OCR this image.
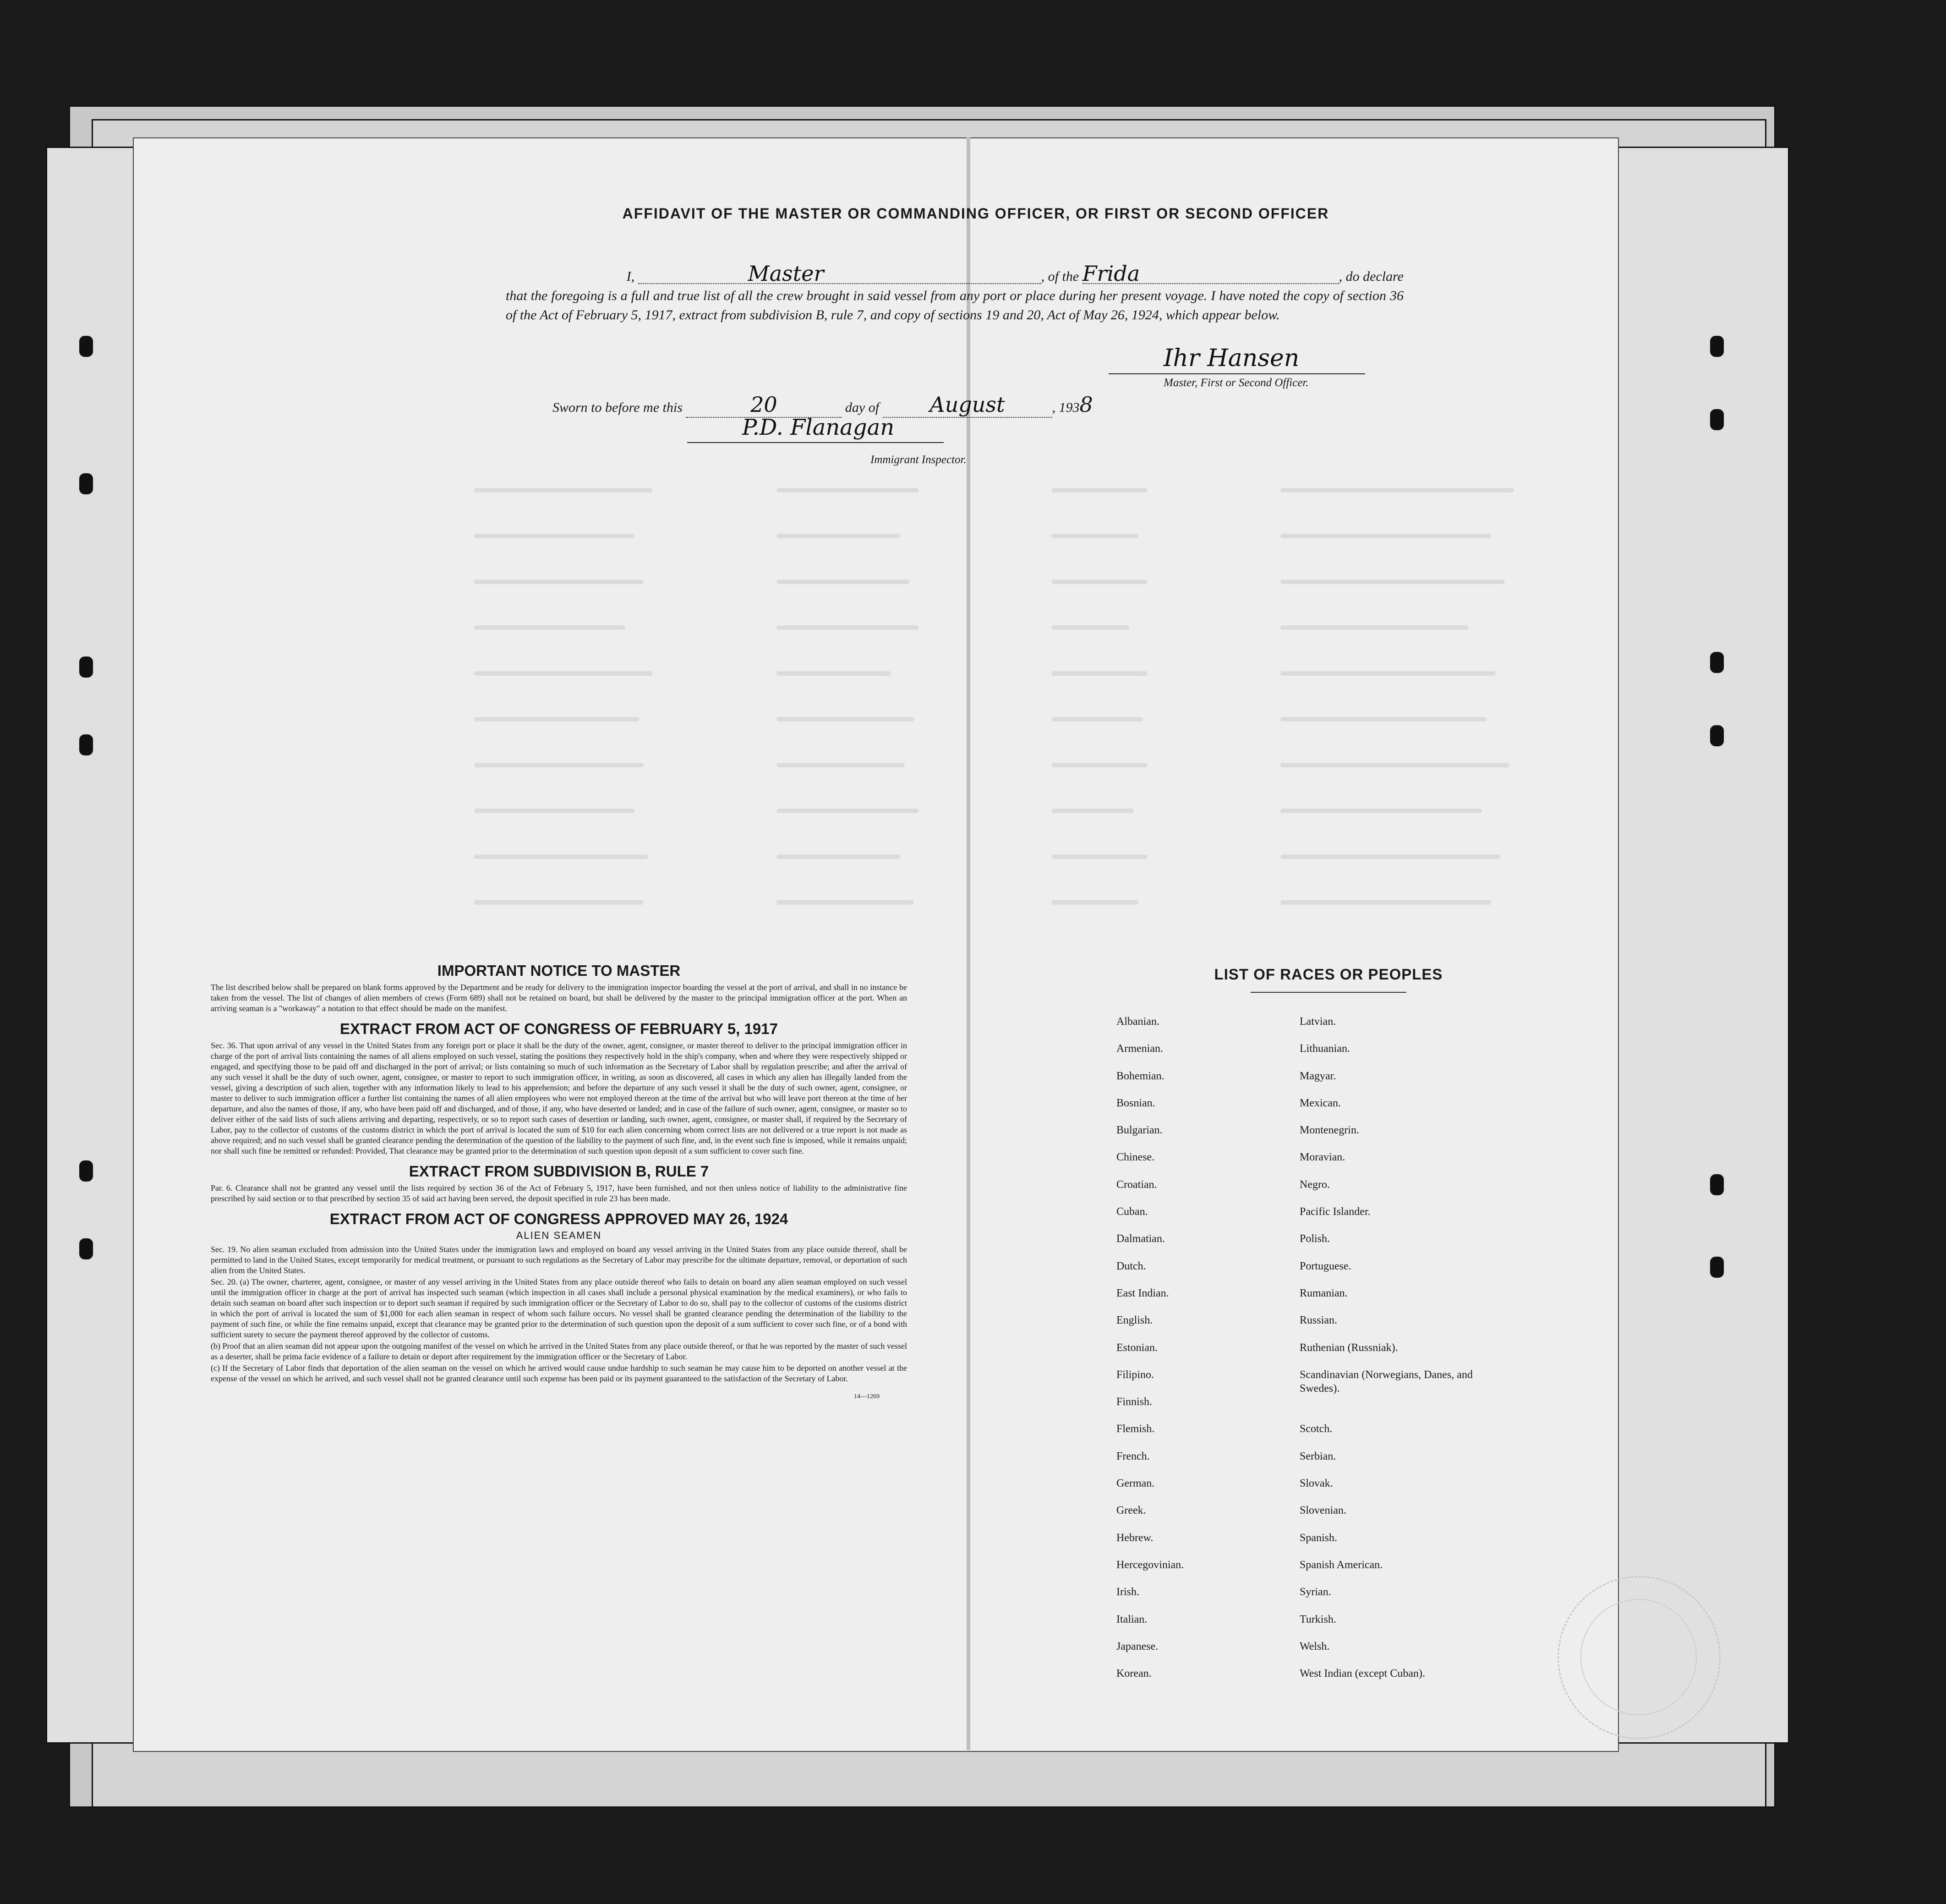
AFFIDAVIT OF THE MASTER OR COMMANDING OFFICER, OR FIRST OR SECOND OFFICER
I,	Master	, of the Frida	, do declare
that the foregoing is a full and true list of all the crew brought in said vessel from any port or place during her present voyage. I have noted the copy of section 36 of the Act of February 5, 1917, extract from subdivision B, rule 7, and copy of sections 19 and 20, Act of May 26, 1924, which appear below.
Ihr Hansen
Master, First or Second Officer.
Sworn to before me this	20	day of August	, 1938
P.D. Flanagan
Immigrant Inspector.
IMPORTANT NOTICE TO MASTER

The list described below shall be prepared on blank forms approved by the Department and be ready for delivery to the immigration inspector boarding the vessel at the port of arrival, and shall in no instance be taken from the vessel. The list of changes of alien members of crews (Form 689) shall not be retained on board, but shall be delivered by the master to the principal immigration officer at the port. When an arriving seaman is a "workaway" a notation to that effect should be made on the manifest.

EXTRACT FROM ACT OF CONGRESS OF FEBRUARY 5, 1917

Sec. 36. That upon arrival of any vessel in the United States from any foreign port or place it shall be the duty of the owner, agent, consignee, or master thereof to deliver to the principal immigration officer in charge of the port of arrival lists containing the names of all aliens employed on such vessel, stating the positions they respectively hold in the ship's company, when and where they were respectively shipped or engaged, and specifying those to be paid off and discharged in the port of arrival; or lists containing so much of such information as the Secretary of Labor shall by regulation prescribe; and after the arrival of any such vessel it shall be the duty of such owner, agent, consignee, or master to report to such immigration officer, in writing, as soon as discovered, all cases in which any alien has illegally landed from the vessel, giving a description of such alien, together with any information likely to lead to his apprehension; and before the departure of any such vessel it shall be the duty of such owner, agent, consignee, or master to deliver to such immigration officer a further list containing the names of all alien employees who were not employed thereon at the time of the arrival but who will leave port thereon at the time of her departure, and also the names of those, if any, who have been paid off and discharged, and of those, if any, who have deserted or landed; and in case of the failure of such owner, agent, consignee, or master so to deliver either of the said lists of such aliens arriving and departing, respectively, or so to report such cases of desertion or landing, such owner, agent, consignee, or master shall, if required by the Secretary of Labor, pay to the collector of customs of the customs district in which the port of arrival is located the sum of $10 for each alien concerning whom correct lists are not delivered or a true report is not made as above required; and no such vessel shall be granted clearance pending the determination of the question of the liability to the payment of such fine, and, in the event such fine is imposed, while it remains unpaid; nor shall such fine be remitted or refunded: Provided, That clearance may be granted prior to the determination of such question upon deposit of a sum sufficient to cover such fine.

EXTRACT FROM SUBDIVISION B, RULE 7

Par. 6. Clearance shall not be granted any vessel until the lists required by section 36 of the Act of February 5, 1917, have been furnished, and not then unless notice of liability to the administrative fine prescribed by said section or to that prescribed by section 35 of said act having been served, the deposit specified in rule 23 has been made.

EXTRACT FROM ACT OF CONGRESS APPROVED MAY 26, 1924

ALIEN SEAMEN

Sec. 19. No alien seaman excluded from admission into the United States under the immigration laws and employed on board any vessel arriving in the United States from any place outside thereof, shall be permitted to land in the United States, except temporarily for medical treatment, or pursuant to such regulations as the Secretary of Labor may prescribe for the ultimate departure, removal, or deportation of such alien from the United States.

Sec. 20. (a) The owner, charterer, agent, consignee, or master of any vessel arriving in the United States from any place outside thereof who fails to detain on board any alien seaman employed on such vessel until the immigration officer in charge at the port of arrival has inspected such seaman (which inspection in all cases shall include a personal physical examination by the medical examiners), or who fails to detain such seaman on board after such inspection or to deport such seaman if required by such immigration officer or the Secretary of Labor to do so, shall pay to the collector of customs of the customs district in which the port of arrival is located the sum of $1,000 for each alien seaman in respect of whom such failure occurs. No vessel shall be granted clearance pending the determination of the liability to the payment of such fine, or while the fine remains unpaid, except that clearance may be granted prior to the determination of such question upon the deposit of a sum sufficient to cover such fine, or of a bond with sufficient surety to secure the payment thereof approved by the collector of customs.

(b) Proof that an alien seaman did not appear upon the outgoing manifest of the vessel on which he arrived in the United States from any place outside thereof, or that he was reported by the master of such vessel as a deserter, shall be prima facie evidence of a failure to detain or deport after requirement by the immigration officer or the Secretary of Labor.

(c) If the Secretary of Labor finds that deportation of the alien seaman on the vessel on which he arrived would cause undue hardship to such seaman he may cause him to be deported on another vessel at the expense of the vessel on which he arrived, and such vessel shall not be granted clearance until such expense has been paid or its payment guaranteed to the satisfaction of the Secretary of Labor.

14—1269
LIST OF RACES OR PEOPLES
Albanian.
Armenian.
Bohemian.
Bosnian.
Bulgarian.
Chinese.
Croatian.
Cuban.
Dalmatian.
Dutch.
East Indian.
English.
Estonian.
Filipino.
Finnish.
Flemish.
French.
German.
Greek.
Hebrew.
Hercegovinian.
Irish.
Italian.
Japanese.
Korean.
Latvian.
Lithuanian.
Magyar.
Mexican.
Montenegrin.
Moravian.
Negro.
Pacific Islander.
Polish.
Portuguese.
Rumanian.
Russian.
Ruthenian (Russniak).
Scandinavian (Norwegians, Danes, and Swedes).
Scotch.
Serbian.
Slovak.
Slovenian.
Spanish.
Spanish American.
Syrian.
Turkish.
Welsh.
West Indian (except Cuban).
